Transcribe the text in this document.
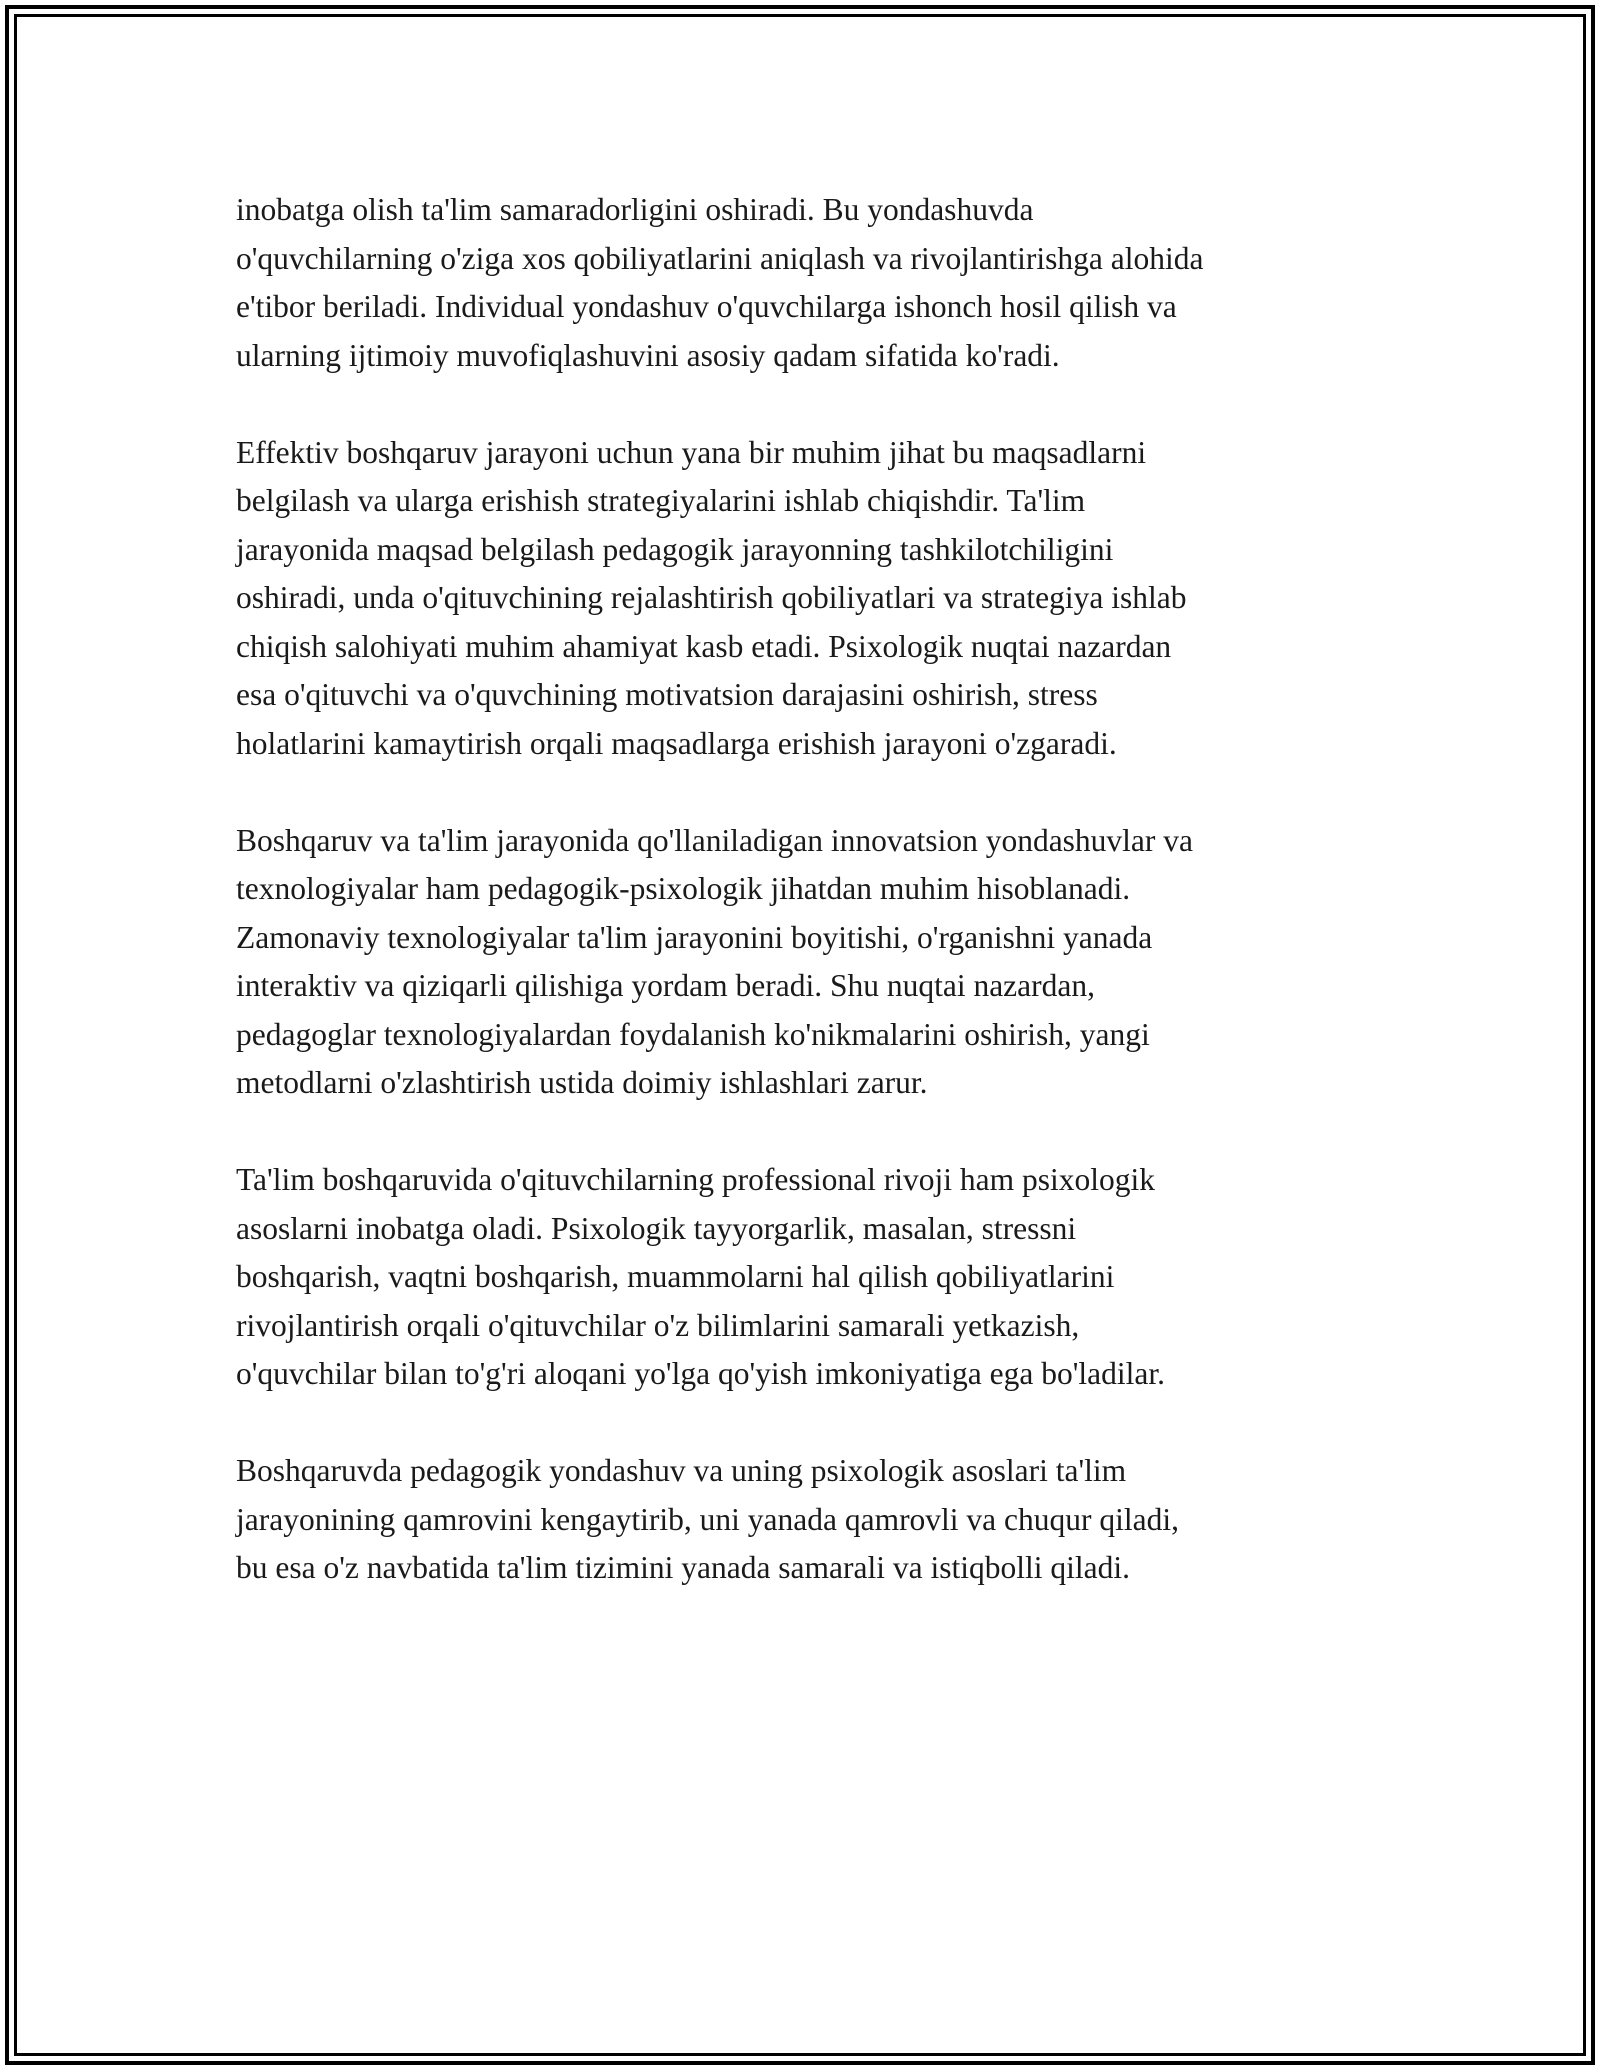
inobatga olish ta'lim samaradorligini oshiradi. Bu yondashuvda
o'quvchilarning o'ziga xos qobiliyatlarini aniqlash va rivojlantirishga alohida
e'tibor beriladi. Individual yondashuv o'quvchilarga ishonch hosil qilish va
ularning ijtimoiy muvofiqlashuvini asosiy qadam sifatida ko'radi.

Effektiv boshqaruv jarayoni uchun yana bir muhim jihat bu maqsadlarni
belgilash va ularga erishish strategiyalarini ishlab chiqishdir. Ta'lim
jarayonida maqsad belgilash pedagogik jarayonning tashkilotchiligini
oshiradi, unda o'qituvchining rejalashtirish qobiliyatlari va strategiya ishlab
chiqish salohiyati muhim ahamiyat kasb etadi. Psixologik nuqtai nazardan
esa o'qituvchi va o'quvchining motivatsion darajasini oshirish, stress
holatlarini kamaytirish orqali maqsadlarga erishish jarayoni o'zgaradi.

Boshqaruv va ta'lim jarayonida qo'llaniladigan innovatsion yondashuvlar va
texnologiyalar ham pedagogik-psixologik jihatdan muhim hisoblanadi.
Zamonaviy texnologiyalar ta'lim jarayonini boyitishi, o'rganishni yanada
interaktiv va qiziqarli qilishiga yordam beradi. Shu nuqtai nazardan,
pedagoglar texnologiyalardan foydalanish ko'nikmalarini oshirish, yangi
metodlarni o'zlashtirish ustida doimiy ishlashlari zarur.

Ta'lim boshqaruvida o'qituvchilarning professional rivoji ham psixologik
asoslarni inobatga oladi. Psixologik tayyorgarlik, masalan, stressni
boshqarish, vaqtni boshqarish, muammolarni hal qilish qobiliyatlarini
rivojlantirish orqali o'qituvchilar o'z bilimlarini samarali yetkazish,
o'quvchilar bilan to'g'ri aloqani yo'lga qo'yish imkoniyatiga ega bo'ladilar.

Boshqaruvda pedagogik yondashuv va uning psixologik asoslari ta'lim
jarayonining qamrovini kengaytirib, uni yanada qamrovli va chuqur qiladi,
bu esa o'z navbatida ta'lim tizimini yanada samarali va istiqbolli qiladi.
